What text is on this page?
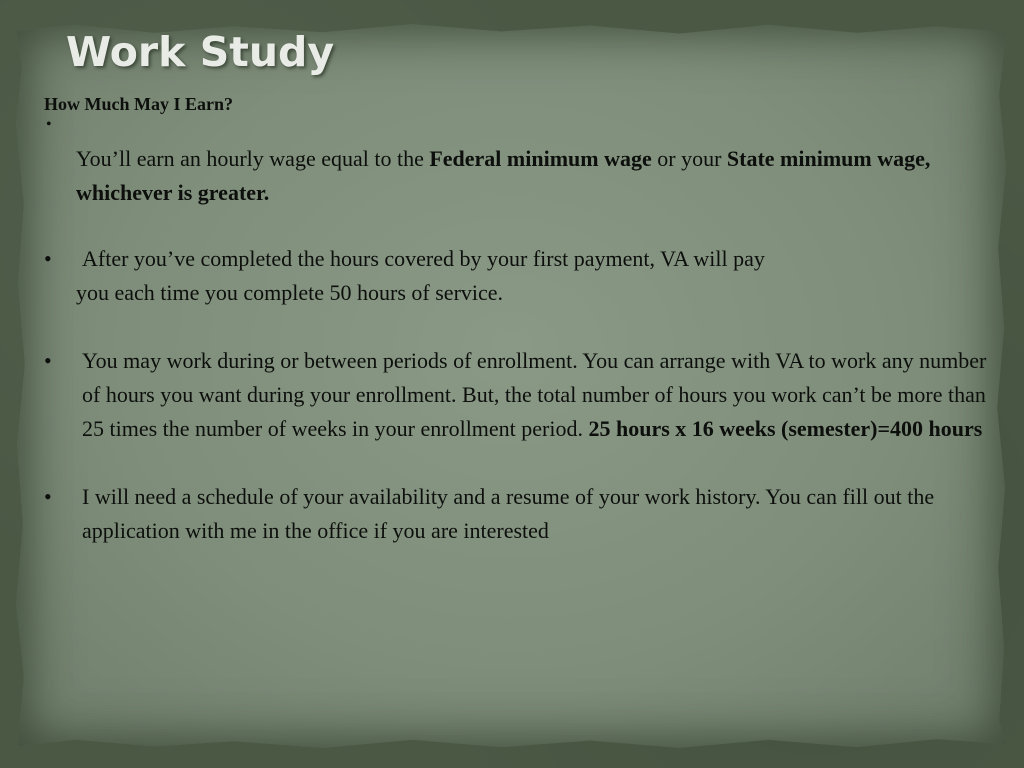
Work Study

How Much May I Earn?

•

You’ll earn an hourly wage equal to the Federal minimum wage or your State minimum wage, whichever is greater.

•	After you’ve completed the hours covered by your first payment, VA will pay
you each time you complete 50 hours of service.
•	You may work during or between periods of enrollment. You can arrange with VA to work any number of hours you want during your enrollment. But, the total number of hours you work can’t be more than 25 times the number of weeks in your enrollment period. 25 hours x 16 weeks (semester)=400 hours
•	I will need a schedule of your availability and a resume of your work history. You can fill out the application with me in the office if you are interested
